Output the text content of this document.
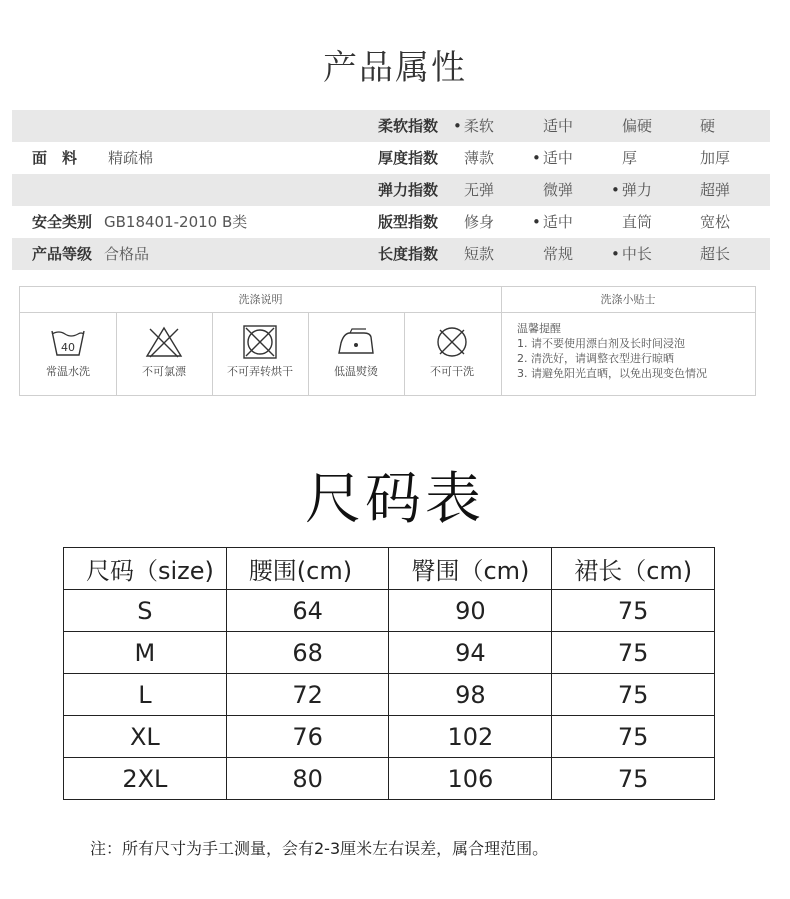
产品属性
柔软指数	• 柔软	适中	偏硬	硬
面　料 精疏棉	厚度指数 薄款	• 适中	厚	加厚
弹力指数 无弹	微弹	• 弹力	超弹
安全类别 GB18401-2010 B类	版型指数 修身	• 适中	直筒	宽松
产品等级 合格品	长度指数 短款	常规	• 中长	超长
洗涤说明	洗涤小贴士
40
常温水洗	不可氯漂	不可弄转烘干	低温熨烫	不可干洗
温馨提醒
1. 请不要使用漂白剂及长时间浸泡
2. 清洗好，请调整衣型进行晾晒
3. 请避免阳光直晒，以免出现变色情况
尺码表
尺码（size)	腰围(cm)	臀围（cm)	裙长（cm)
S	64	90	75
M	68	94	75
L	72	98	75
XL	76	102	75
2XL	80	106	75
注：所有尺寸为手工测量，会有2-3厘米左右误差，属合理范围。
